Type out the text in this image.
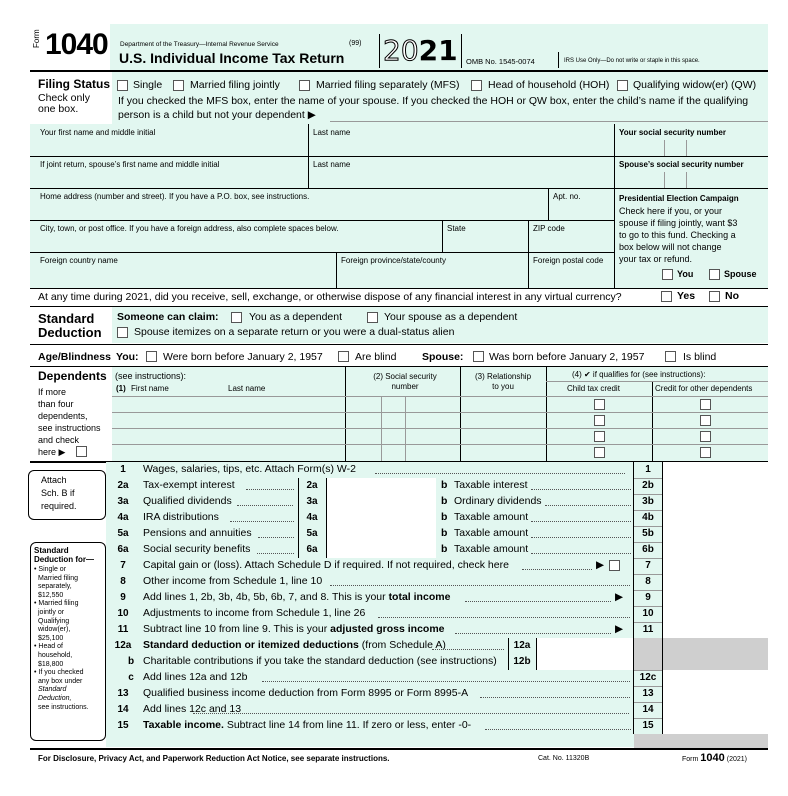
Form 1040 Department of the Treasury—Internal Revenue Service	(99)
U.S. Individual Income Tax Return 2021 OMB No. 1545-0074	IRS Use Only—Do not write or staple in this space.
Filing Status
Check only
one box.
Single	Married filing jointly	Married filing separately (MFS)	Head of household (HOH) Qualifying widow(er) (QW)
If you checked the MFS box, enter the name of your spouse. If you checked the HOH or QW box, enter the child’s name if the qualifying
person is a child but not your dependent ▶
Your first name and middle initial	Last name	Your social security number
If joint return, spouse’s first name and middle initial	Last name	Spouse’s social security number
Home address (number and street). If you have a P.O. box, see instructions.	Apt. no.
City, town, or post office. If you have a foreign address, also complete spaces below.	State	ZIP code
Foreign country name	Foreign province/state/county	Foreign postal code
Presidential Election Campaign
Check here if you, or your
spouse if filing jointly, want $3
to go to this fund. Checking a
box below will not change
your tax or refund.
You	Spouse
At any time during 2021, did you receive, sell, exchange, or otherwise dispose of any financial interest in any virtual currency?	Yes	No
Standard
Deduction
Someone can claim:	You as a dependent	Your spouse as a dependent
Spouse itemizes on a separate return or you were a dual-status alien
Age/Blindness You: Were born before January 2, 1957	Are blind Spouse: Was born before January 2, 1957	Is blind
Dependents (see instructions):
(1) First name	Last name
(2) Social security
number
(3) Relationship
to you
(4) ✔ if qualifies for (see instructions):
Child tax credit	Credit for other dependents
If more
than four
dependents,
see instructions
and check
here ▶
Attach
Sch. B if
required.
Standard
Deduction for—
• Single or
Married filing
separately,
$12,550
• Married filing
jointly or
Qualifying
widow(er),
$25,100
• Head of
household,
$18,800
• If you checked
any box under
Standard
Deduction,
see instructions.
1	Wages, salaries, tips, etc. Attach Form(s) W-2	1
2a	Tax-exempt interest	2a	b Taxable interest	2b
3a	Qualified dividends	3a	b Ordinary dividends	3b
4a	IRA distributions	4a	b Taxable amount	4b
5a	Pensions and annuities	5a	b Taxable amount	5b
6a	Social security benefits	6a	b Taxable amount	6b
7	Capital gain or (loss). Attach Schedule D if required. If not required, check here	7
8	Other income from Schedule 1, line 10	8
9	Add lines 1, 2b, 3b, 4b, 5b, 6b, 7, and 8. This is your total income	9
10	Adjustments to income from Schedule 1, line 26	10
11	Subtract line 10 from line 9. This is your adjusted gross income	11
12a	Standard deduction or itemized deductions (from Schedule A)	12a
b Charitable contributions if you take the standard deduction (see instructions)	12b
c Add lines 12a and 12b	12c
13	Qualified business income deduction from Form 8995 or Form 8995-A	13
14	Add lines 12c and 13	14
15	Taxable income. Subtract line 14 from line 11. If zero or less, enter -0-	15
▶
▶
▶
For Disclosure, Privacy Act, and Paperwork Reduction Act Notice, see separate instructions.	Cat. No. 11320B	Form 1040 (2021)
